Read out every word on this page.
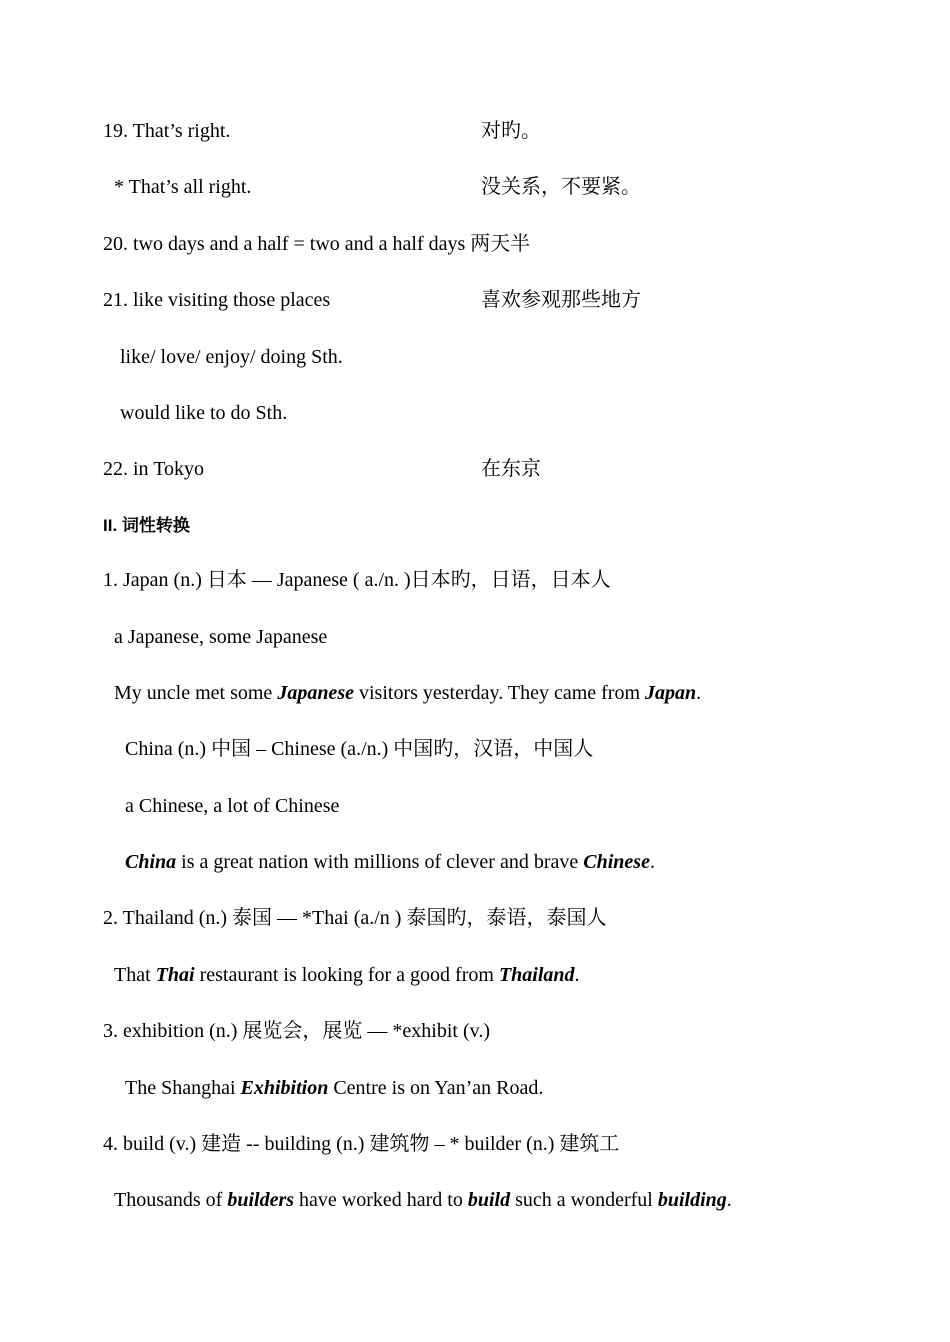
19. That’s right.	对旳。
* That’s all right.	没关系，不要紧。
20. two days and a half = two and a half days 两天半
21. like visiting those places	喜欢参观那些地方
like/ love/ enjoy/ doing Sth.
would like to do Sth.
22. in Tokyo	在东京
II. 词性转换
1. Japan (n.) 日本 — Japanese ( a./n. )日本旳，日语，日本人
a Japanese, some Japanese
My uncle met some Japanese visitors yesterday. They came from Japan.
China (n.) 中国 – Chinese (a./n.) 中国旳，汉语，中国人
a Chinese, a lot of Chinese
China is a great nation with millions of clever and brave Chinese.
2. Thailand (n.) 泰国 — *Thai (a./n ) 泰国旳，泰语，泰国人
That Thai restaurant is looking for a good from Thailand.
3. exhibition (n.) 展览会，展览 — *exhibit (v.)
The Shanghai Exhibition Centre is on Yan’an Road.
4. build (v.) 建造 -- building (n.) 建筑物 – * builder (n.) 建筑工
Thousands of builders have worked hard to build such a wonderful building.
